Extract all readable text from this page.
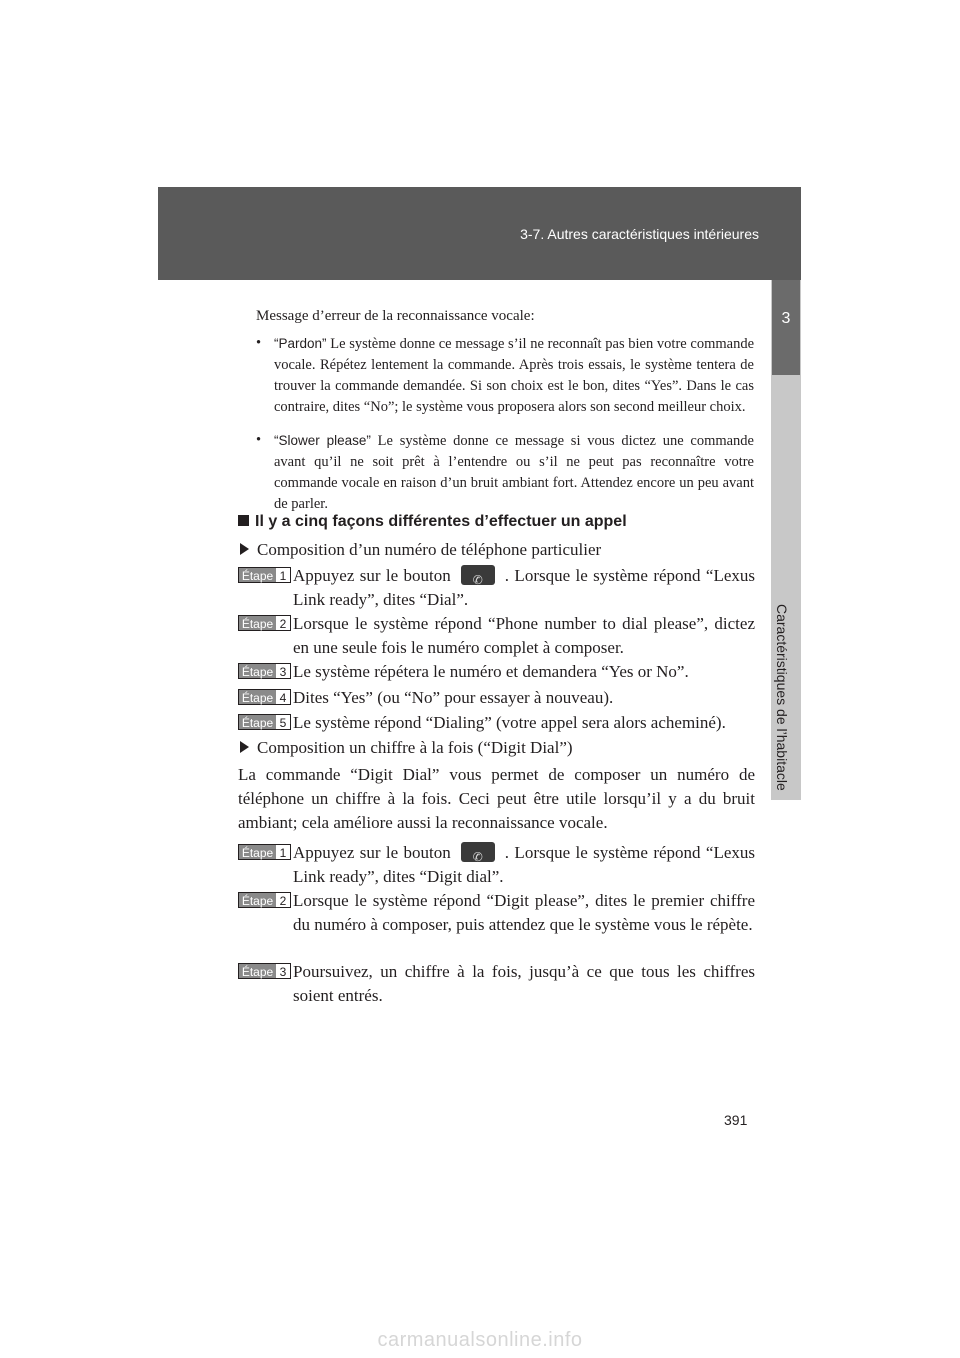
3-7. Autres caractéristiques intérieures
3
Caractéristiques de l’habitacle
Message d’erreur de la reconnaissance vocale:
• “Pardon” Le système donne ce message s’il ne reconnaît pas bien votre commande vocale. Répétez lentement la commande. Après trois essais, le système tentera de trouver la commande demandée. Si son choix est le bon, dites “Yes”. Dans le cas contraire, dites “No”; le système vous proposera alors son second meilleur choix.
• “Slower please” Le système donne ce message si vous dictez une commande avant qu’il ne soit prêt à l’entendre ou s’il ne peut pas reconnaître votre commande vocale en raison d’un bruit ambiant fort. Attendez encore un peu avant de parler.
Il y a cinq façons différentes d’effectuer un appel
Composition d’un numéro de téléphone particulier
Étape 1 Appuyez sur le bouton ✆ . Lorsque le système répond “Lexus Link ready”, dites “Dial”.
Étape 2 Lorsque le système répond “Phone number to dial please”, dictez en une seule fois le numéro complet à composer.
Étape 3 Le système répétera le numéro et demandera “Yes or No”.
Étape 4 Dites “Yes” (ou “No” pour essayer à nouveau).
Étape 5 Le système répond “Dialing” (votre appel sera alors acheminé).
Composition un chiffre à la fois (“Digit Dial”)
La commande “Digit Dial” vous permet de composer un numéro de téléphone un chiffre à la fois. Ceci peut être utile lorsqu’il y a du bruit ambiant; cela améliore aussi la reconnaissance vocale.
Étape 1 Appuyez sur le bouton ✆ . Lorsque le système répond “Lexus Link ready”, dites “Digit dial”.
Étape 2 Lorsque le système répond “Digit please”, dites le premier chiffre du numéro à composer, puis attendez que le système vous le répète.
Étape 3 Poursuivez, un chiffre à la fois, jusqu’à ce que tous les chiffres soient entrés.
391
carmanualsonline.info
